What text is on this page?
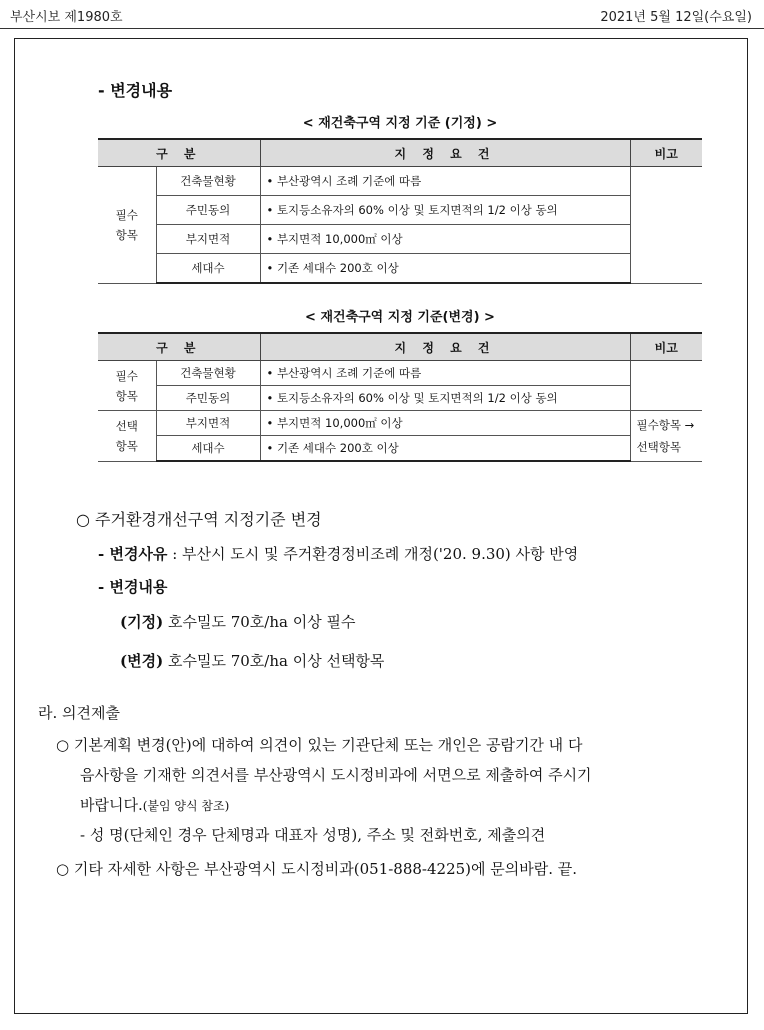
부산시보 제1980호	2021년 5월 12일(수요일)
- 변경내용
< 재건축구역 지정 기준 (기정) >
구 분		지 정 요 건	비고
필수 항목	건축물현황	• 부산광역시 조례 기준에 따름	
	주민동의	• 토지등소유자의 60% 이상 및 토지면적의 1/2 이상 동의	
	부지면적	• 부지면적 10,000㎡ 이상	
	세대수	• 기존 세대수 200호 이상	
< 재건축구역 지정 기준(변경) >
구 분		지 정 요 건	비고
필수 항목	건축물현황	• 부산광역시 조례 기준에 따름	
	주민동의	• 토지등소유자의 60% 이상 및 토지면적의 1/2 이상 동의	
선택 항목	부지면적	• 부지면적 10,000㎡ 이상	필수항목 → 선택항목
	세대수	• 기존 세대수 200호 이상	
○ 주거환경개선구역 지정기준 변경
- 변경사유 : 부산시 도시 및 주거환경정비조례 개정('20. 9.30) 사항 반영
- 변경내용
(기정) 호수밀도 70호/ha 이상 필수
(변경) 호수밀도 70호/ha 이상 선택항목
라. 의견제출
○ 기본계획 변경(안)에 대하여 의견이 있는 기관단체 또는 개인은 공람기간 내 다
음사항을 기재한 의견서를 부산광역시 도시정비과에 서면으로 제출하여 주시기
바랍니다.(붙임 양식 참조)
- 성 명(단체인 경우 단체명과 대표자 성명), 주소 및 전화번호, 제출의견
○ 기타 자세한 사항은 부산광역시 도시정비과(051-888-4225)에 문의바람. 끝.
